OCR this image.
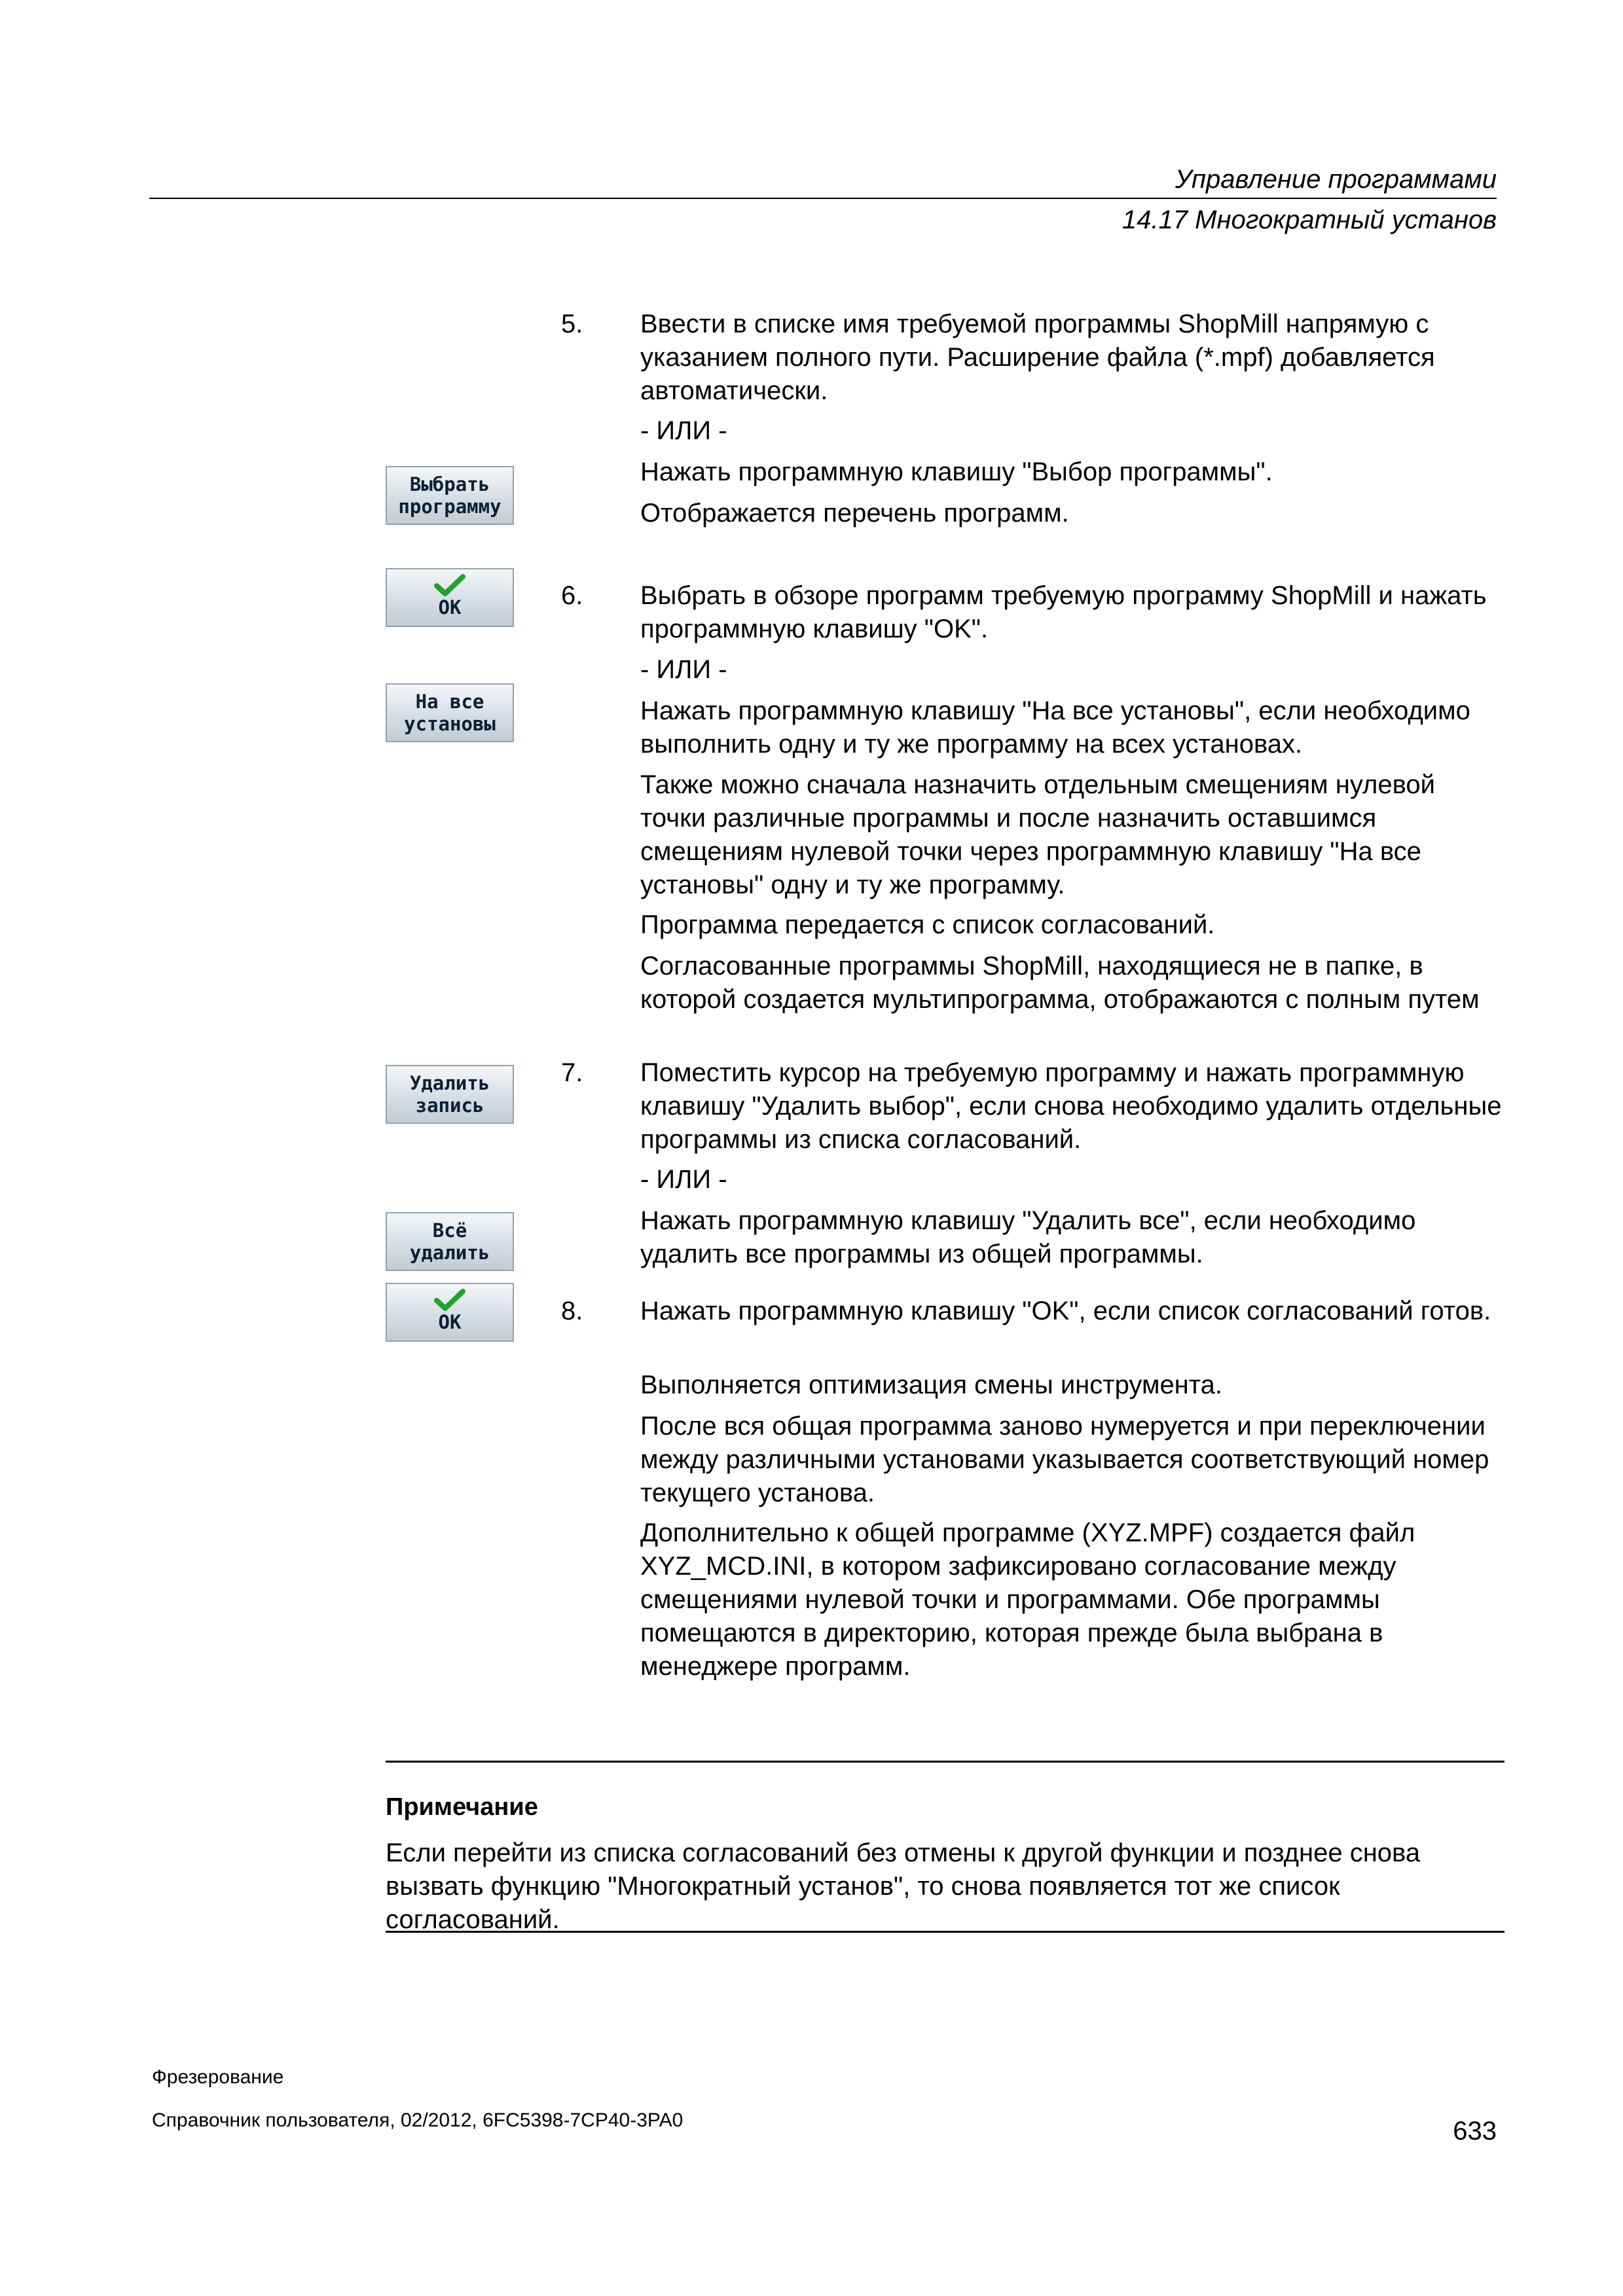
Управление программами
14.17 Многократный установ
Выбрать
программу
OK
На все
установы
Удалить
запись
Всё
удалить
OK
5. Ввести в списке имя требуемой программы ShopMill напрямую с указанием полного пути. Расширение файла (*.mpf) добавляется автоматически.

- ИЛИ -

Нажать программную клавишу "Выбор программы".

Отображается перечень программ.

6. Выбрать в обзоре программ требуемую программу ShopMill и нажать программную клавишу "OK".

- ИЛИ -

Нажать программную клавишу "На все установы", если необходимо выполнить одну и ту же программу на всех установах.

Также можно сначала назначить отдельным смещениям нулевой точки различные программы и после назначить оставшимся смещениям нулевой точки через программную клавишу "На все установы" одну и ту же программу.

Программа передается с список согласований.

Согласованные программы ShopMill, находящиеся не в папке, в которой создается мультипрограмма, отображаются с полным путем

7. Поместить курсор на требуемую программу и нажать программную клавишу "Удалить выбор", если снова необходимо удалить отдельные программы из списка согласований.

- ИЛИ -

Нажать программную клавишу "Удалить все", если необходимо удалить все программы из общей программы.

8. Нажать программную клавишу "OK", если список согласований готов.

Выполняется оптимизация смены инструмента.

После вся общая программа заново нумеруется и при переключении между различными установами указывается соответствующий номер текущего установа.

Дополнительно к общей программе (XYZ.MPF) создается файл XYZ_MCD.INI, в котором зафиксировано согласование между смещениями нулевой точки и программами. Обе программы помещаются в директорию, которая прежде была выбрана в менеджере программ.

Примечание

Если перейти из списка согласований без отмены к другой функции и позднее снова вызвать функцию "Многократный установ", то снова появляется тот же список согласований.

Фрезерование
Справочник пользователя, 02/2012, 6FC5398-7CP40-3PA0	633
